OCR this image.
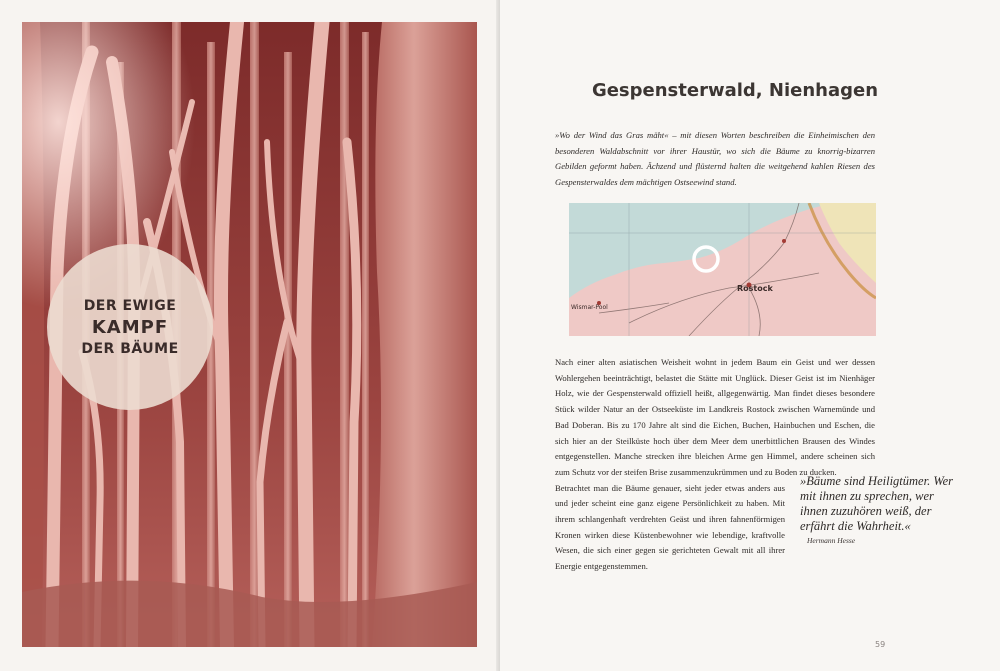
DER EWIGE
KAMPF
DER BÄUME
Gespensterwald, Nienhagen
»Wo der Wind das Gras mäht« – mit diesen Worten beschreiben die Einheimischen den besonderen Waldabschnitt vor ihrer Haustür, wo sich die Bäume zu knorrig-bizarren Gebilden geformt haben. Ächzend und flüsternd halten die weitgehend kahlen Riesen des Gespensterwaldes dem mächtigen Ostseewind stand.
Rostock
Wismar-Pool
Nach einer alten asiatischen Weisheit wohnt in jedem Baum ein Geist und wer dessen Wohlergehen beeinträchtigt, belastet die Stätte mit Unglück. Dieser Geist ist im Nienhäger Holz, wie der Gespensterwald offiziell heißt, allgegenwärtig. Man findet dieses besondere Stück wilder Natur an der Ostseeküste im Landkreis Rostock zwischen Warnemünde und Bad Doberan. Bis zu 170 Jahre alt sind die Eichen, Buchen, Hainbuchen und Eschen, die sich hier an der Steilküste hoch über dem Meer dem unerbittlichen Brausen des Windes entgegenstellen. Manche strecken ihre bleichen Arme gen Himmel, andere scheinen sich zum Schutz vor der steifen Brise zusammenzukrümmen und zu Boden zu ducken.
Betrachtet man die Bäume genauer, sieht jeder etwas anders aus und jeder scheint eine ganz eigene Persönlichkeit zu haben. Mit ihrem schlangenhaft verdrehten Geäst und ihren fahnenförmigen Kronen wirken diese Küstenbewohner wie lebendige, kraftvolle Wesen, die sich einer gegen sie gerichteten Gewalt mit all ihrer Energie entgegenstemmen.
»Bäume sind Heiligtümer. Wer mit ihnen zu sprechen, wer ihnen zuzuhören weiß, der erfährt die Wahrheit.«
Hermann Hesse
59
